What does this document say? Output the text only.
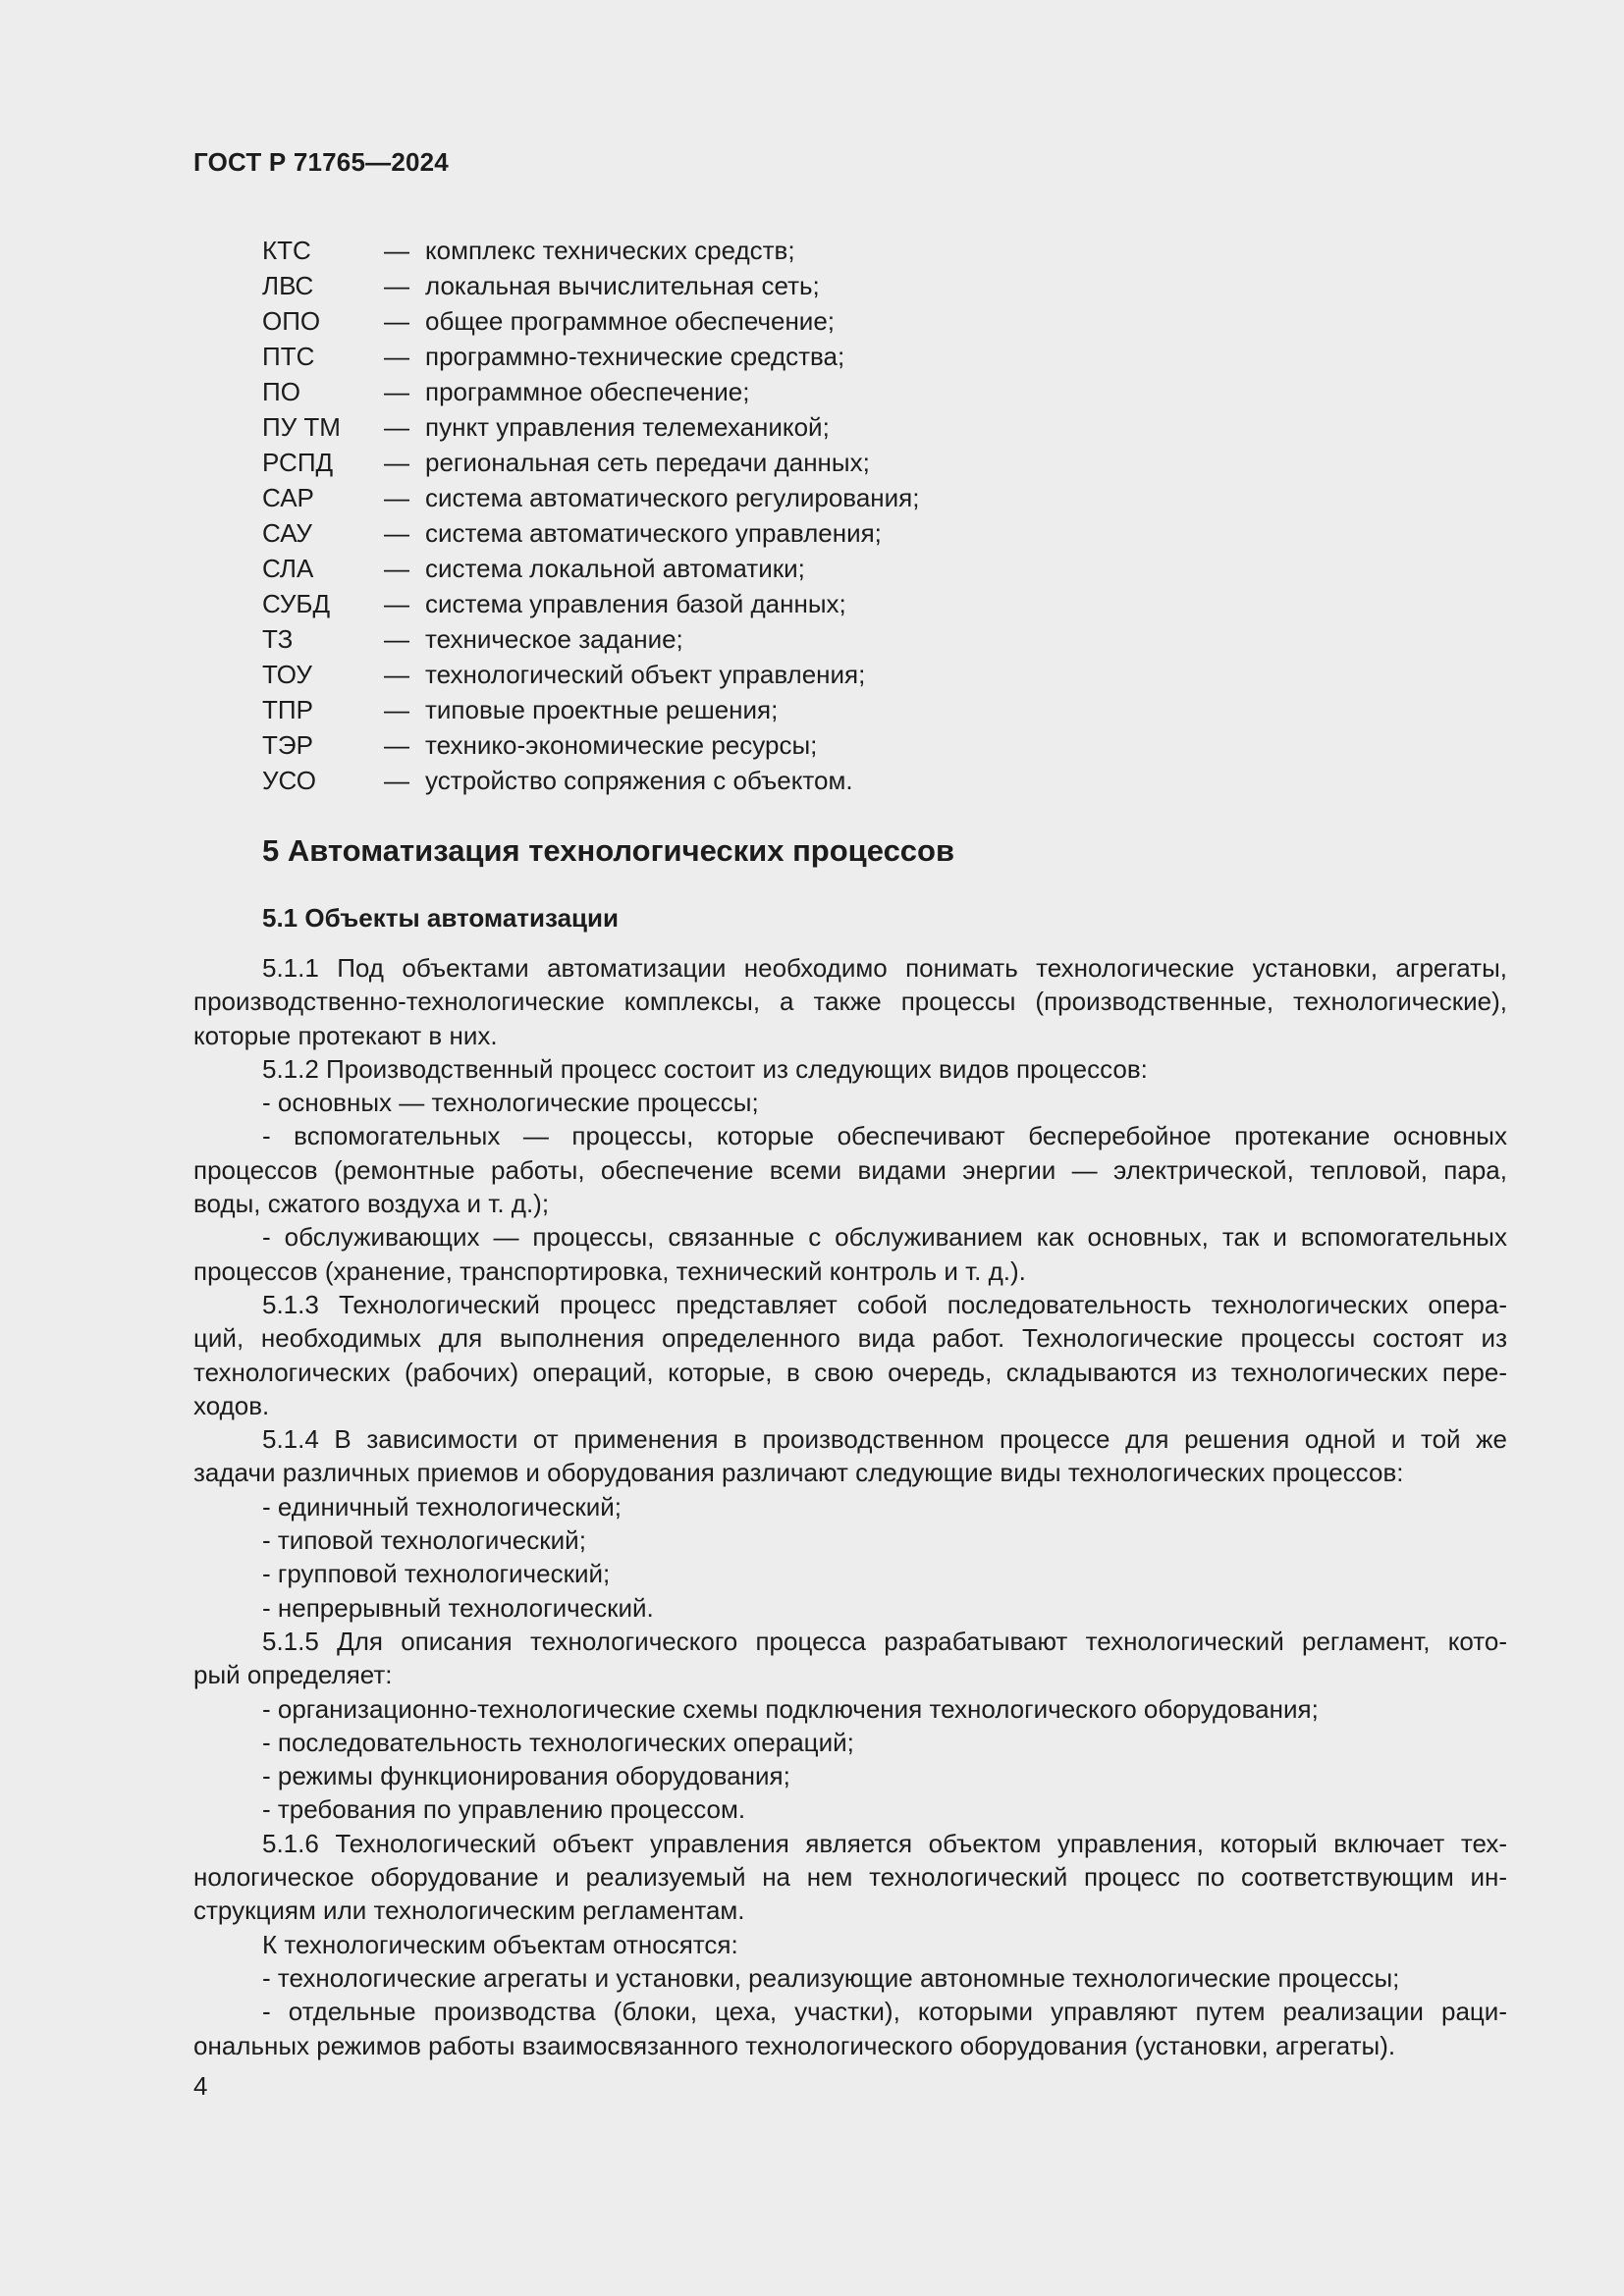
ГОСТ Р 71765—2024
КТС	— комплекс технических средств;
ЛВС	— локальная вычислительная сеть;
ОПО — общее программное обеспечение;
ПТС	— программно-технические средства;
ПО	— программное обеспечение;
ПУ ТМ — пункт управления телемеханикой;
РСПД — региональная сеть передачи данных;
САР	— система автоматического регулирования;
САУ	— система автоматического управления;
СЛА	— система локальной автоматики;
СУБД — система управления базой данных;
ТЗ	— техническое задание;
ТОУ	— технологический объект управления;
ТПР	— типовые проектные решения;
ТЭР	— технико-экономические ресурсы;
УСО	— устройство сопряжения с объектом.
5 Автоматизация технологических процессов
5.1 Объекты автоматизации
5.1.1 Под объектами автоматизации необходимо понимать технологические установки, агрегаты,
производственно-технологические комплексы, а также процессы (производственные, технологические),
которые протекают в них.
5.1.2 Производственный процесс состоит из следующих видов процессов:
- основных — технологические процессы;
- вспомогательных — процессы, которые обеспечивают бесперебойное протекание основных
процессов (ремонтные работы, обеспечение всеми видами энергии — электрической, тепловой, пара,
воды, сжатого воздуха и т. д.);
- обслуживающих — процессы, связанные с обслуживанием как основных, так и вспомогательных
процессов (хранение, транспортировка, технический контроль и т. д.).
5.1.3 Технологический процесс представляет собой последовательность технологических опера-
ций, необходимых для выполнения определенного вида работ. Технологические процессы состоят из
технологических (рабочих) операций, которые, в свою очередь, складываются из технологических пере-
ходов.
5.1.4 В зависимости от применения в производственном процессе для решения одной и той же
задачи различных приемов и оборудования различают следующие виды технологических процессов:
- единичный технологический;
- типовой технологический;
- групповой технологический;
- непрерывный технологический.
5.1.5 Для описания технологического процесса разрабатывают технологический регламент, кото-
рый определяет:
- организационно-технологические схемы подключения технологического оборудования;
- последовательность технологических операций;
- режимы функционирования оборудования;
- требования по управлению процессом.
5.1.6 Технологический объект управления является объектом управления, который включает тех-
нологическое оборудование и реализуемый на нем технологический процесс по соответствующим ин-
струкциям или технологическим регламентам.
К технологическим объектам относятся:
- технологические агрегаты и установки, реализующие автономные технологические процессы;
- отдельные производства (блоки, цеха, участки), которыми управляют путем реализации раци-
ональных режимов работы взаимосвязанного технологического оборудования (установки, агрегаты).
4
